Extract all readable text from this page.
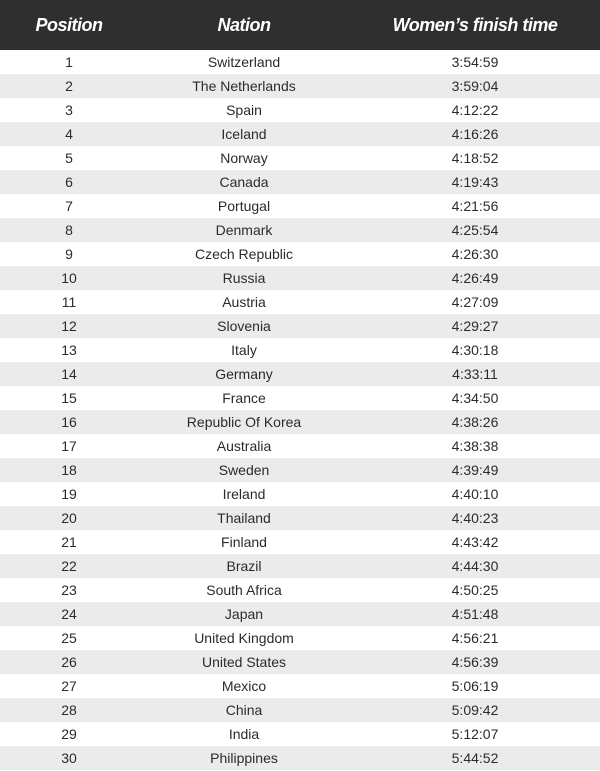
Position	Nation	Women’s finish time
1	Switzerland	3:54:59
2	The Netherlands	3:59:04
3	Spain	4:12:22
4	Iceland	4:16:26
5	Norway	4:18:52
6	Canada	4:19:43
7	Portugal	4:21:56
8	Denmark	4:25:54
9	Czech Republic	4:26:30
10	Russia	4:26:49
11	Austria	4:27:09
12	Slovenia	4:29:27
13	Italy	4:30:18
14	Germany	4:33:11
15	France	4:34:50
16	Republic Of Korea	4:38:26
17	Australia	4:38:38
18	Sweden	4:39:49
19	Ireland	4:40:10
20	Thailand	4:40:23
21	Finland	4:43:42
22	Brazil	4:44:30
23	South Africa	4:50:25
24	Japan	4:51:48
25	United Kingdom	4:56:21
26	United States	4:56:39
27	Mexico	5:06:19
28	China	5:09:42
29	India	5:12:07
30	Philippines	5:44:52
